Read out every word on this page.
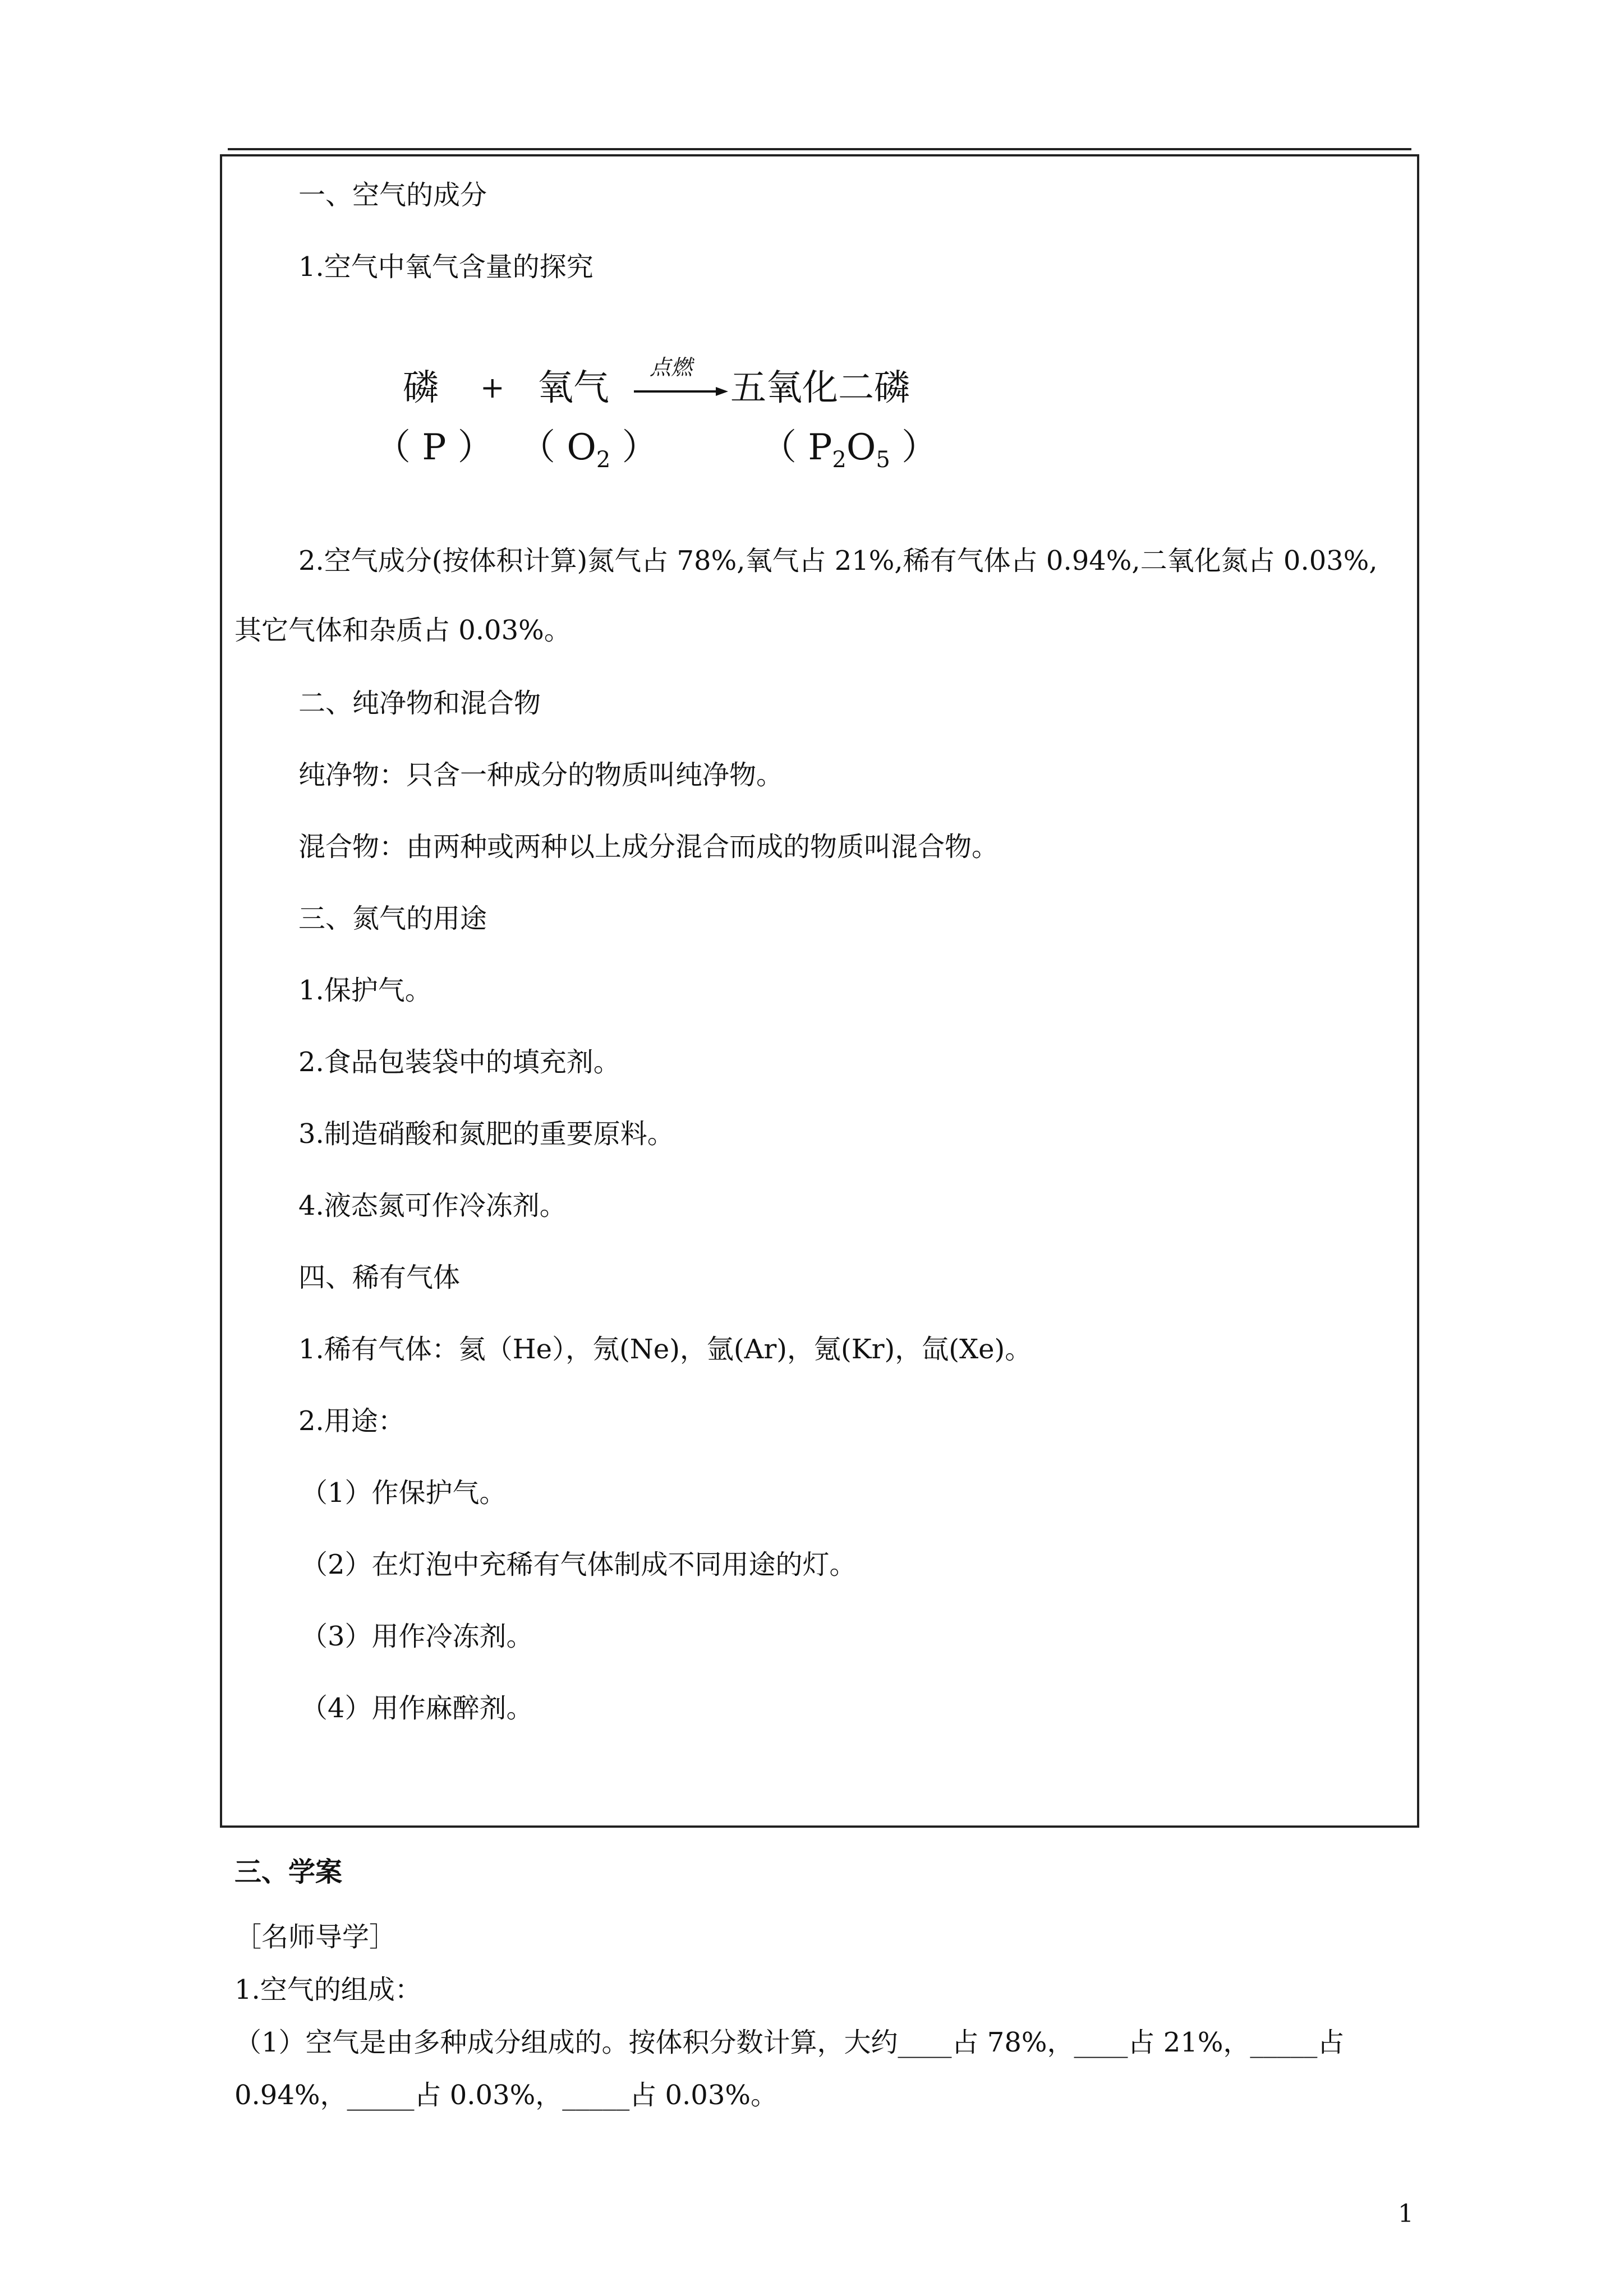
一、空气的成分
1.空气中氧气含量的探究
磷 + 氧气 点燃 五氧化二磷
（ P ） （ $O_2$ ）	（ $P_2O_5$ ）
2.空气成分(按体积计算)氮气占 78%,氧气占 21%,稀有气体占 0.94%,二氧化氮占 0.03%,
其它气体和杂质占 0.03%。
二、纯净物和混合物
纯净物：只含一种成分的物质叫纯净物。
混合物：由两种或两种以上成分混合而成的物质叫混合物。
三、氮气的用途
1.保护气。
2.食品包装袋中的填充剂。
3.制造硝酸和氮肥的重要原料。
4.液态氮可作冷冻剂。
四、稀有气体
1.稀有气体：氦（He），氖(Ne)，氩(Ar)，氪(Kr)，氙(Xe)。
2.用途：
（1）作保护气。
（2）在灯泡中充稀有气体制成不同用途的灯。
（3）用作冷冻剂。
（4）用作麻醉剂。
三、学案
［名师导学］
1.空气的组成：
（1）空气是由多种成分组成的。按体积分数计算，大约____占 78%，____占 21%，_____占
0.94%，_____占 0.03%，_____占 0.03%。
1
